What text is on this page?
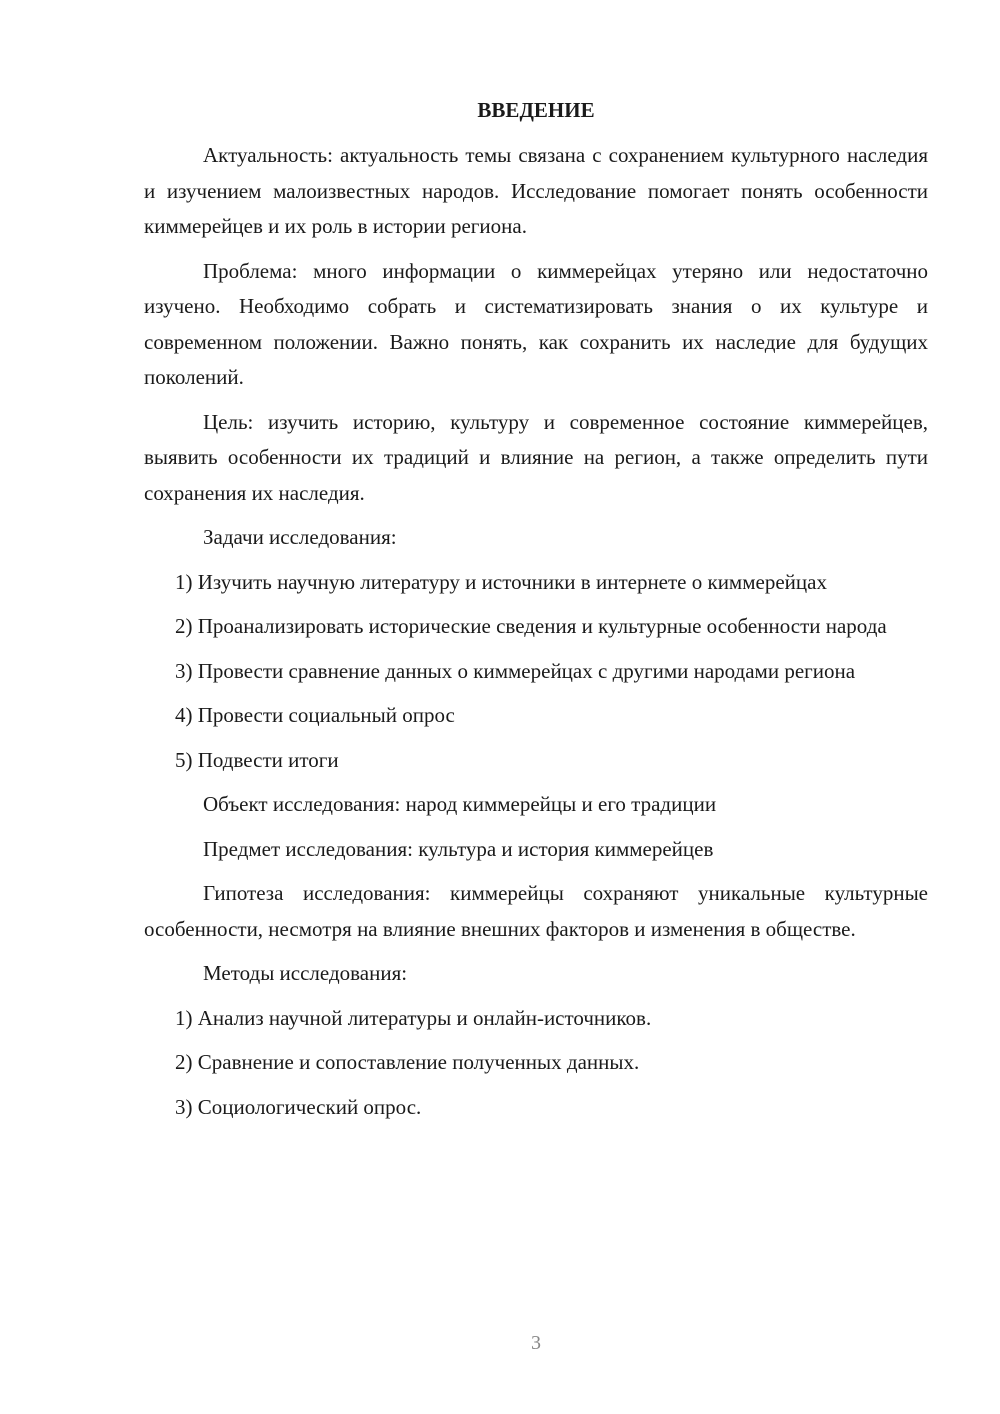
ВВЕДЕНИЕ

Актуальность: актуальность темы связана с сохранением культурного наследия и изучением малоизвестных народов. Исследование помогает понять особенности киммерейцев и их роль в истории региона.

Проблема: много информации о киммерейцах утеряно или недостаточно изучено. Необходимо собрать и систематизировать знания о их культуре и современном положении. Важно понять, как сохранить их наследие для будущих поколений.

Цель: изучить историю, культуру и современное состояние киммерейцев, выявить особенности их традиций и влияние на регион, а также определить пути сохранения их наследия.

Задачи исследования:

1) Изучить научную литературу и источники в интернете о киммерейцах

2) Проанализировать исторические сведения и культурные особенности народа

3) Провести сравнение данных о киммерейцах с другими народами региона

4) Провести социальный опрос

5) Подвести итоги

Объект исследования: народ киммерейцы и его традиции

Предмет исследования: культура и история киммерейцев

Гипотеза исследования: киммерейцы сохраняют уникальные культурные особенности, несмотря на влияние внешних факторов и изменения в обществе.

Методы исследования:

1) Анализ научной литературы и онлайн-источников.

2) Сравнение и сопоставление полученных данных.

3) Социологический опрос.

3
